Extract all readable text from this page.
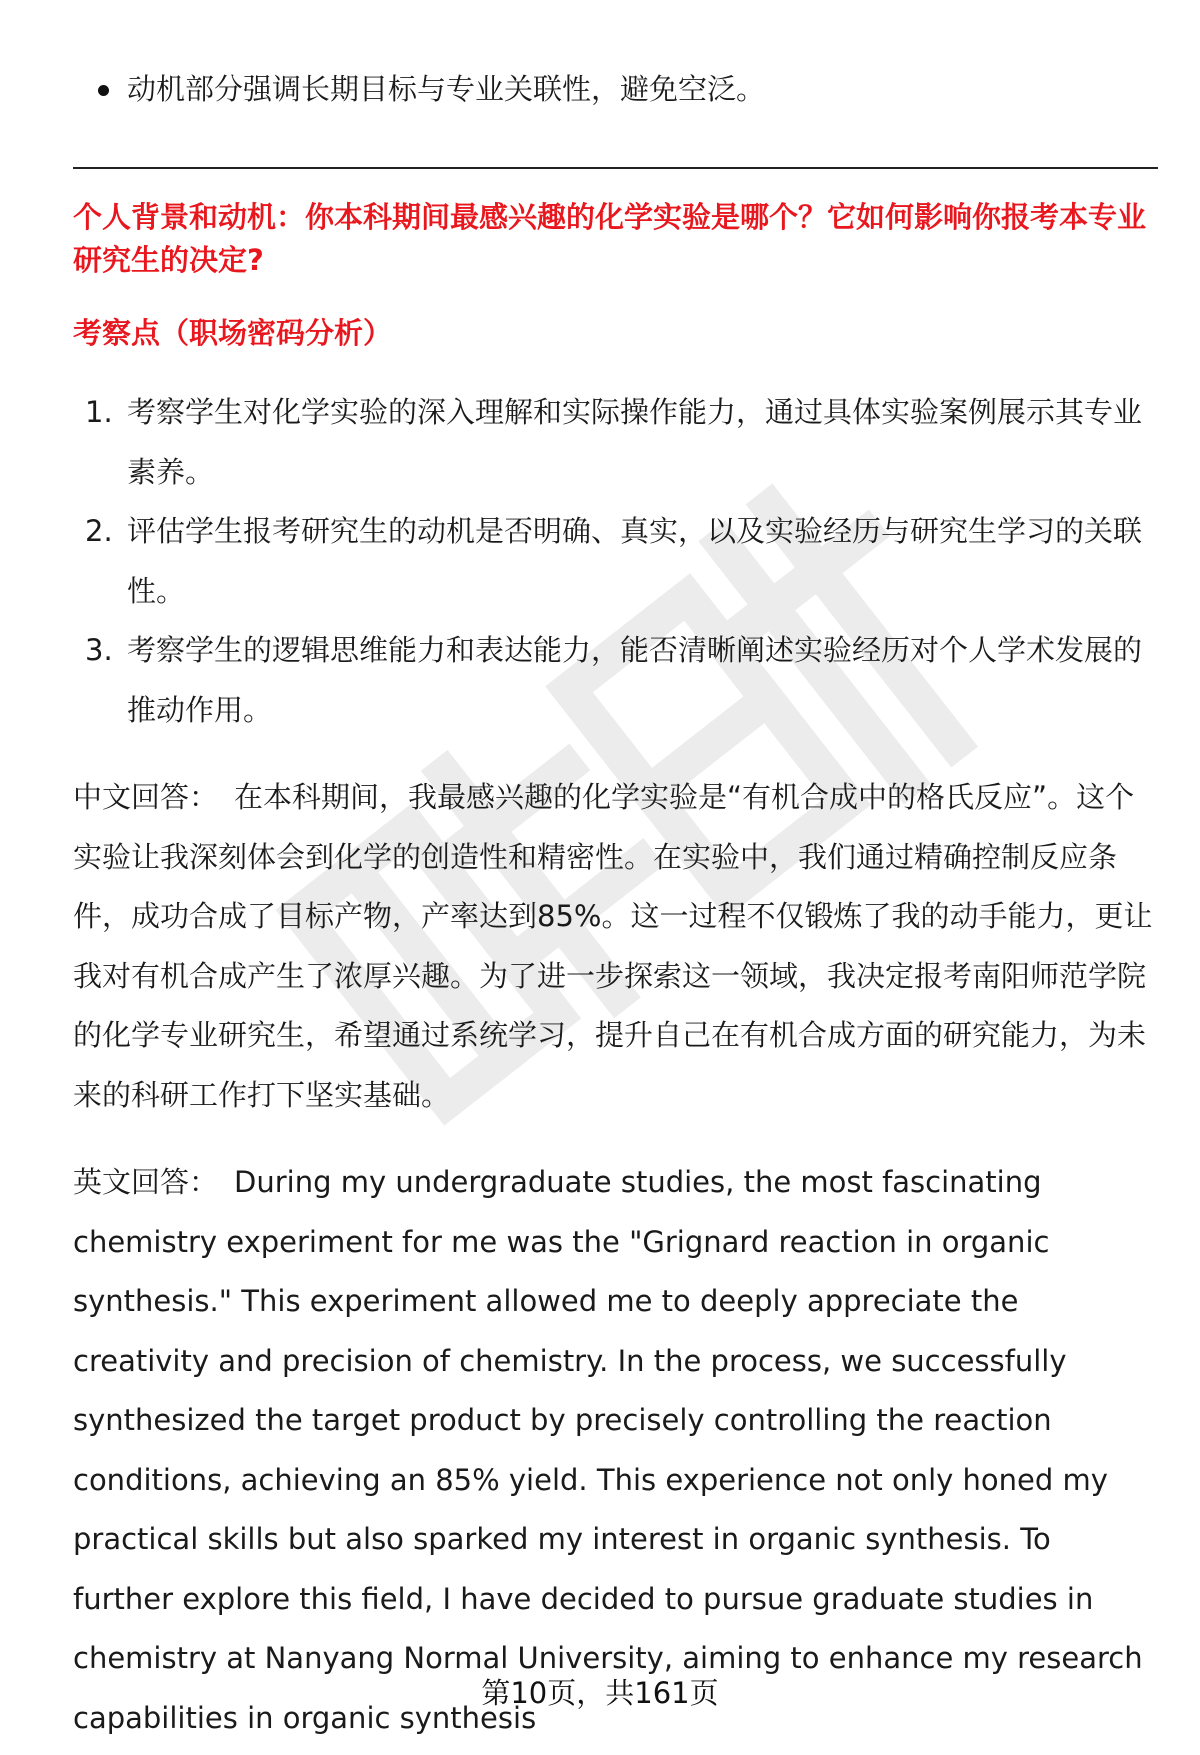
动机部分强调长期目标与专业关联性，避免空泛。
个人背景和动机：你本科期间最感兴趣的化学实验是哪个？它如何影响你报考本专业研究生的决定?
考察点（职场密码分析）
1. 考察学生对化学实验的深入理解和实际操作能力，通过具体实验案例展示其专业素养。
2. 评估学生报考研究生的动机是否明确、真实，以及实验经历与研究生学习的关联性。
3. 考察学生的逻辑思维能力和表达能力，能否清晰阐述实验经历对个人学术发展的推动作用。

中文回答： 在本科期间，我最感兴趣的化学实验是“有机合成中的格氏反应”。这个实验让我深刻体会到化学的创造性和精密性。在实验中，我们通过精确控制反应条件，成功合成了目标产物，产率达到85%。这一过程不仅锻炼了我的动手能力，更让我对有机合成产生了浓厚兴趣。为了进一步探索这一领域，我决定报考南阳师范学院的化学专业研究生，希望通过系统学习，提升自己在有机合成方面的研究能力，为未来的科研工作打下坚实基础。

英文回答： During my undergraduate studies, the most fascinating chemistry experiment for me was the "Grignard reaction in organic synthesis." This experiment allowed me to deeply appreciate the creativity and precision of chemistry. In the process, we successfully synthesized the target product by precisely controlling the reaction conditions, achieving an 85% yield. This experience not only honed my practical skills but also sparked my interest in organic synthesis. To further explore this field, I have decided to pursue graduate studies in chemistry at Nanyang Normal University, aiming to enhance my research capabilities in organic synthesis

第10页，共161页
